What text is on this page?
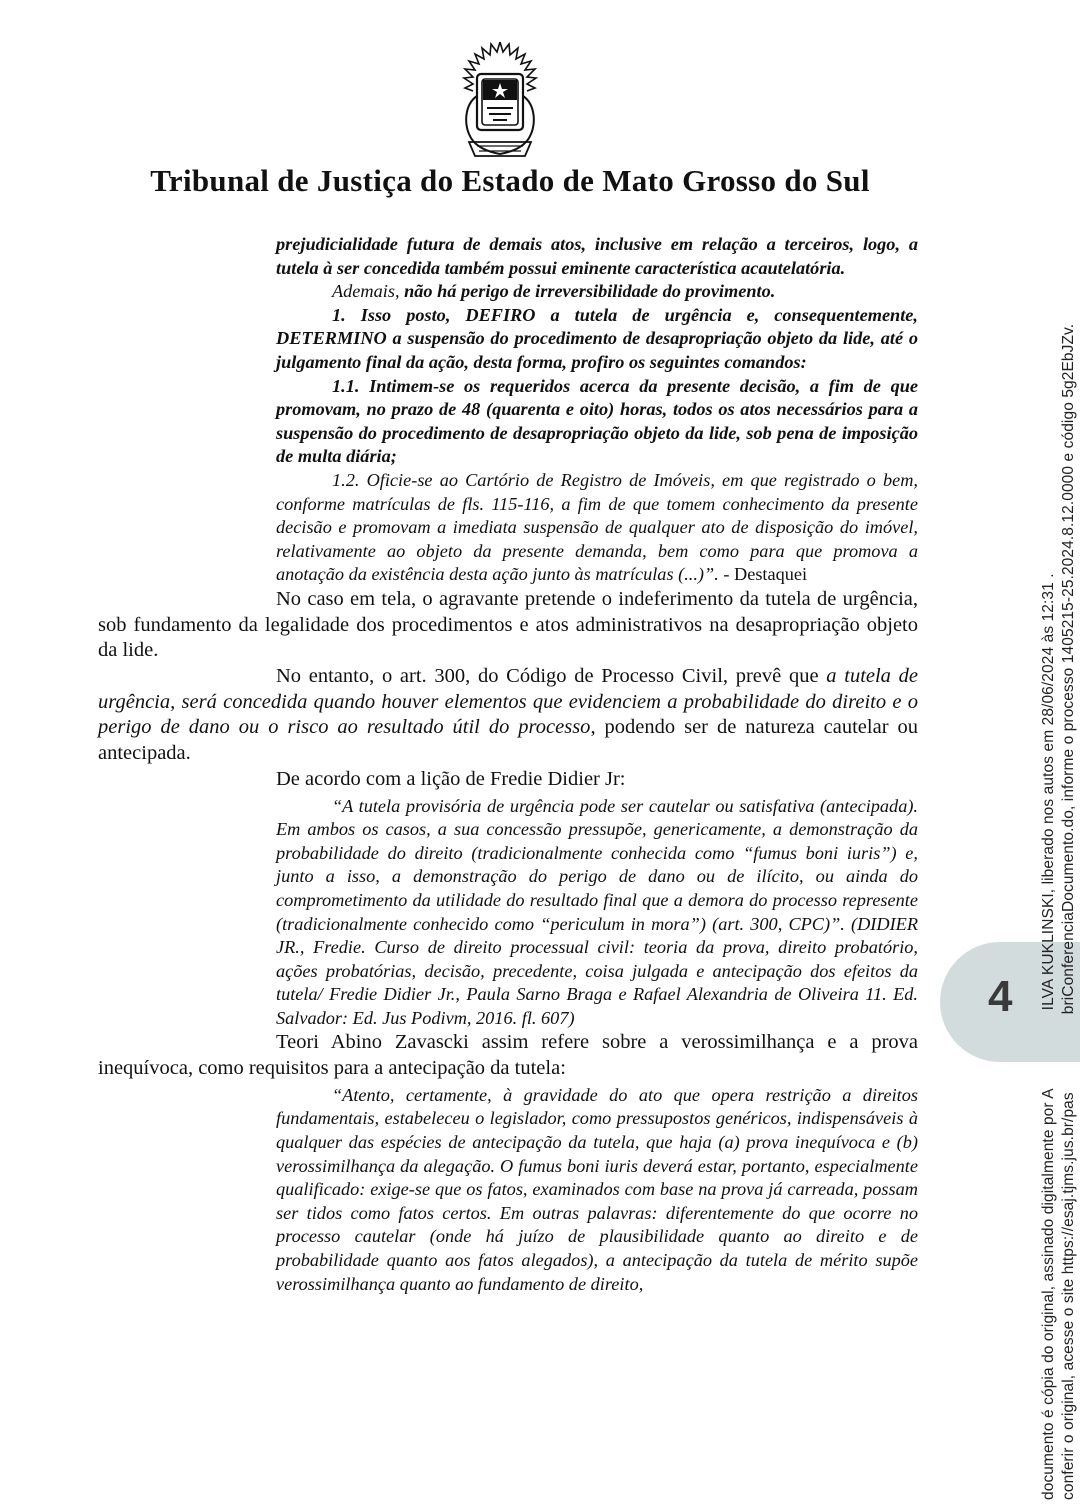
Tribunal de Justiça do Estado de Mato Grosso do Sul

prejudicialidade futura de demais atos, inclusive em relação a terceiros, logo, a tutela à ser concedida também possui eminente característica acautelatória.

Ademais, não há perigo de irreversibilidade do provimento.

1. Isso posto, DEFIRO a tutela de urgência e, consequentemente, DETERMINO a suspensão do procedimento de desapropriação objeto da lide, até o julgamento final da ação, desta forma, profiro os seguintes comandos:

1.1. Intimem-se os requeridos acerca da presente decisão, a fim de que promovam, no prazo de 48 (quarenta e oito) horas, todos os atos necessários para a suspensão do procedimento de desapropriação objeto da lide, sob pena de imposição de multa diária;

1.2. Oficie-se ao Cartório de Registro de Imóveis, em que registrado o bem, conforme matrículas de fls. 115-116, a fim de que tomem conhecimento da presente decisão e promovam a imediata suspensão de qualquer ato de disposição do imóvel, relativamente ao objeto da presente demanda, bem como para que promova a anotação da existência desta ação junto às matrículas (...)”. - Destaquei

No caso em tela, o agravante pretende o indeferimento da tutela de urgência, sob fundamento da legalidade dos procedimentos e atos administrativos na desapropriação objeto da lide.

No entanto, o art. 300, do Código de Processo Civil, prevê que a tutela de urgência, será concedida quando houver elementos que evidenciem a probabilidade do direito e o perigo de dano ou o risco ao resultado útil do processo, podendo ser de natureza cautelar ou antecipada.

De acordo com a lição de Fredie Didier Jr:

“A tutela provisória de urgência pode ser cautelar ou satisfativa (antecipada). Em ambos os casos, a sua concessão pressupõe, genericamente, a demonstração da probabilidade do direito (tradicionalmente conhecida como “fumus boni iuris”) e, junto a isso, a demonstração do perigo de dano ou de ilícito, ou ainda do comprometimento da utilidade do resultado final que a demora do processo represente (tradicionalmente conhecido como “periculum in mora”) (art. 300, CPC)”. (DIDIER JR., Fredie. Curso de direito processual civil: teoria da prova, direito probatório, ações probatórias, decisão, precedente, coisa julgada e antecipação dos efeitos da tutela/ Fredie Didier Jr., Paula Sarno Braga e Rafael Alexandria de Oliveira 11. Ed. Salvador: Ed. Jus Podivm, 2016. fl. 607)

Teori Abino Zavascki assim refere sobre a verossimilhança e a prova inequívoca, como requisitos para a antecipação da tutela:

“Atento, certamente, à gravidade do ato que opera restrição a direitos fundamentais, estabeleceu o legislador, como pressupostos genéricos, indispensáveis à qualquer das espécies de antecipação da tutela, que haja (a) prova inequívoca e (b) verossimilhança da alegação. O fumus boni iuris deverá estar, portanto, especialmente qualificado: exige-se que os fatos, examinados com base na prova já carreada, possam ser tidos como fatos certos. Em outras palavras: diferentemente do que ocorre no processo cautelar (onde há juízo de plausibilidade quanto ao direito e de probabilidade quanto aos fatos alegados), a antecipação da tutela de mérito supõe verossimilhança quanto ao fundamento de direito,

4
documento é cópia do original, assinado digitalmente por AILVA KUKLINSKI, liberado nos autos em 28/06/2024 às 12:31 .
conferir o original, acesse o site https://esaj.tjms.jus.br/pasbriConferenciaDocumento.do, informe o processo 1405215-25.2024.8.12.0000 e código 5g2EbJZv.
